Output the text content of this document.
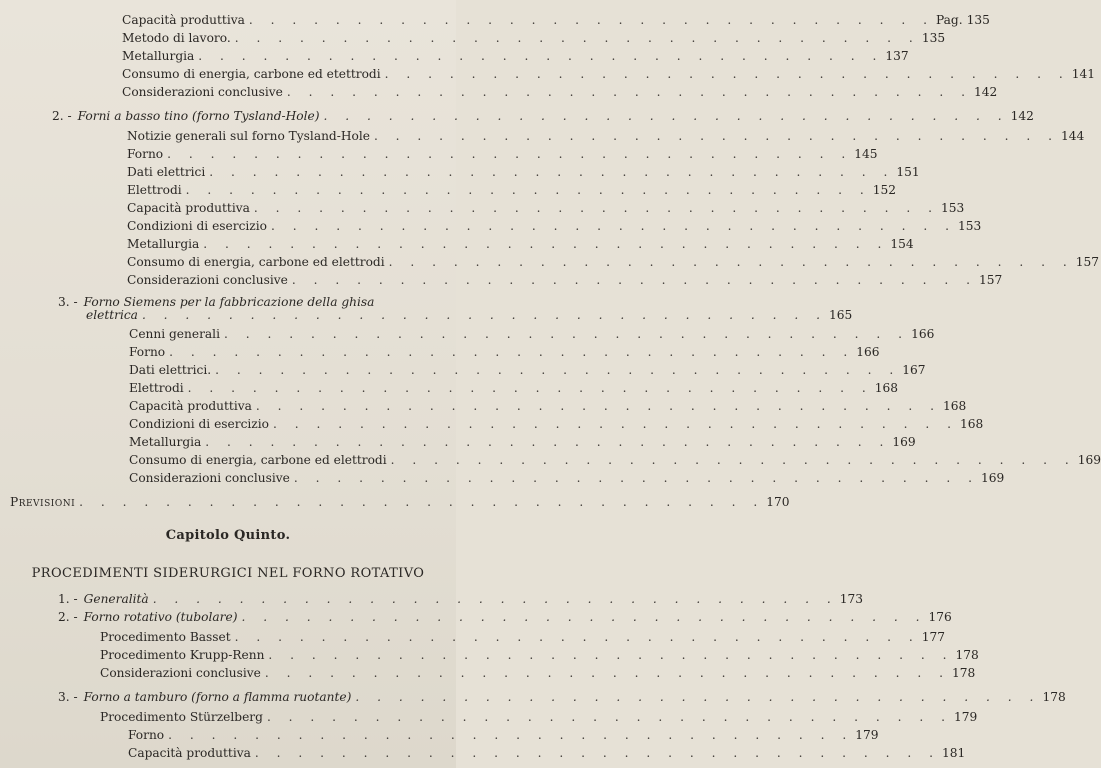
Capacità produttiva . . . . . . . . . . . . . . . . . . . . . . . . . . . . . . . . Pag. 135
Metodo di lavoro. . . . . . . . . . . . . . . . . . . . . . . . . . . . . . . . . 135
Metallurgia . . . . . . . . . . . . . . . . . . . . . . . . . . . . . . . . 137
Consumo di energia, carbone ed etettrodi . . . . . . . . . . . . . . . . . . . . . . . . . . . . . . . . 141
Considerazioni conclusive . . . . . . . . . . . . . . . . . . . . . . . . . . . . . . . . 142
2. - Forni a basso tino (forno Tysland-Hole) . . . . . . . . . . . . . . . . . . . . . . . . . . . . . . . . 142
Notizie generali sul forno Tysland-Hole . . . . . . . . . . . . . . . . . . . . . . . . . . . . . . . . 144
Forno . . . . . . . . . . . . . . . . . . . . . . . . . . . . . . . . 145
Dati elettrici . . . . . . . . . . . . . . . . . . . . . . . . . . . . . . . . 151
Elettrodi . . . . . . . . . . . . . . . . . . . . . . . . . . . . . . . . 152
Capacità produttiva . . . . . . . . . . . . . . . . . . . . . . . . . . . . . . . . 153
Condizioni di esercizio . . . . . . . . . . . . . . . . . . . . . . . . . . . . . . . . 153
Metallurgia . . . . . . . . . . . . . . . . . . . . . . . . . . . . . . . . 154
Consumo di energia, carbone ed elettrodi . . . . . . . . . . . . . . . . . . . . . . . . . . . . . . . . 157
Considerazioni conclusive . . . . . . . . . . . . . . . . . . . . . . . . . . . . . . . . 157
3. - Forno Siemens per la fabbricazione della ghisa
elettrica . . . . . . . . . . . . . . . . . . . . . . . . . . . . . . . . 165
Cenni generali . . . . . . . . . . . . . . . . . . . . . . . . . . . . . . . . 166
Forno . . . . . . . . . . . . . . . . . . . . . . . . . . . . . . . . 166
Dati elettrici. . . . . . . . . . . . . . . . . . . . . . . . . . . . . . . . . 167
Elettrodi . . . . . . . . . . . . . . . . . . . . . . . . . . . . . . . . 168
Capacità produttiva . . . . . . . . . . . . . . . . . . . . . . . . . . . . . . . . 168
Condizioni di esercizio . . . . . . . . . . . . . . . . . . . . . . . . . . . . . . . . 168
Metallurgia . . . . . . . . . . . . . . . . . . . . . . . . . . . . . . . . 169
Consumo di energia, carbone ed elettrodi . . . . . . . . . . . . . . . . . . . . . . . . . . . . . . . . 169
Considerazioni conclusive . . . . . . . . . . . . . . . . . . . . . . . . . . . . . . . . 169
Previsioni . . . . . . . . . . . . . . . . . . . . . . . . . . . . . . . . 170
Capitolo Quinto.
PROCEDIMENTI SIDERURGICI NEL FORNO ROTATIVO
1. - Generalità . . . . . . . . . . . . . . . . . . . . . . . . . . . . . . . . 173
2. - Forno rotativo (tubolare) . . . . . . . . . . . . . . . . . . . . . . . . . . . . . . . . 176
Procedimento Basset . . . . . . . . . . . . . . . . . . . . . . . . . . . . . . . . 177
Procedimento Krupp-Renn . . . . . . . . . . . . . . . . . . . . . . . . . . . . . . . . 178
Considerazioni conclusive . . . . . . . . . . . . . . . . . . . . . . . . . . . . . . . . 178
3. - Forno a tamburo (forno a flamma ruotante) . . . . . . . . . . . . . . . . . . . . . . . . . . . . . . . . 178
Procedimento Stürzelberg . . . . . . . . . . . . . . . . . . . . . . . . . . . . . . . . 179
Forno . . . . . . . . . . . . . . . . . . . . . . . . . . . . . . . . 179
Capacità produttiva . . . . . . . . . . . . . . . . . . . . . . . . . . . . . . . . 181
